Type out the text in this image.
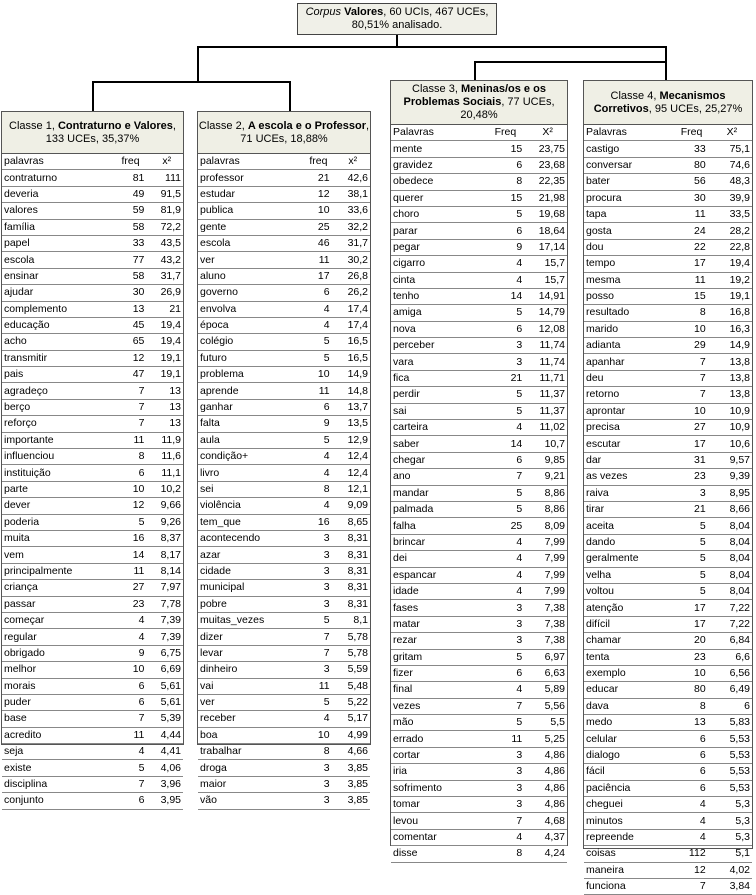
Corpus Valores, 60 UCIs, 467 UCEs,
80,51% analisado.
Classe 1, Contraturno e Valores, 133 UCEs, 35,37%
palavras	freq	x²
contraturno	81	111
deveria	49	91,5
valores	59	81,9
família	58	72,2
papel	33	43,5
escola	77	43,2
ensinar	58	31,7
ajudar	30	26,9
complemento	13	21
educação	45	19,4
acho	65	19,4
transmitir	12	19,1
pais	47	19,1
agradeço	7	13
berço	7	13
reforço	7	13
importante	11	11,9
influenciou	8	11,6
instituição	6	11,1
parte	10	10,2
dever	12	9,66
poderia	5	9,26
muita	16	8,37
vem	14	8,17
principalmente	11	8,14
criança	27	7,97
passar	23	7,78
começar	4	7,39
regular	4	7,39
obrigado	9	6,75
melhor	10	6,69
morais	6	5,61
puder	6	5,61
base	7	5,39
acredito	11	4,44
seja	4	4,41
existe	5	4,06
disciplina	7	3,96
conjunto	6	3,95
Classe 2, A escola e o Professor, 71 UCEs, 18,88%
palavras	freq	x²
professor	21	42,6
estudar	12	38,1
publica	10	33,6
gente	25	32,2
escola	46	31,7
ver	11	30,2
aluno	17	26,8
governo	6	26,2
envolva	4	17,4
época	4	17,4
colégio	5	16,5
futuro	5	16,5
problema	10	14,9
aprende	11	14,8
ganhar	6	13,7
falta	9	13,5
aula	5	12,9
condição+	4	12,4
livro	4	12,4
sei	8	12,1
violência	4	9,09
tem_que	16	8,65
acontecendo	3	8,31
azar	3	8,31
cidade	3	8,31
municipal	3	8,31
pobre	3	8,31
muitas_vezes	5	8,1
dizer	7	5,78
levar	7	5,78
dinheiro	3	5,59
vai	11	5,48
ver	5	5,22
receber	4	5,17
boa	10	4,99
trabalhar	8	4,66
droga	3	3,85
maior	3	3,85
vão	3	3,85
Classe 3, Meninas/os e os Problemas Sociais, 77 UCEs, 20,48%
Palavras	Freq	X²
mente	15	23,75
gravidez	6	23,68
obedece	8	22,35
querer	15	21,98
choro	5	19,68
parar	6	18,64
pegar	9	17,14
cigarro	4	15,7
cinta	4	15,7
tenho	14	14,91
amiga	5	14,79
nova	6	12,08
perceber	3	11,74
vara	3	11,74
fica	21	11,71
perdir	5	11,37
sai	5	11,37
carteira	4	11,02
saber	14	10,7
chegar	6	9,85
ano	7	9,21
mandar	5	8,86
palmada	5	8,86
falha	25	8,09
brincar	4	7,99
dei	4	7,99
espancar	4	7,99
idade	4	7,99
fases	3	7,38
matar	3	7,38
rezar	3	7,38
gritam	5	6,97
fizer	6	6,63
final	4	5,89
vezes	7	5,56
mão	5	5,5
errado	11	5,25
cortar	3	4,86
iria	3	4,86
sofrimento	3	4,86
tomar	3	4,86
levou	7	4,68
comentar	4	4,37
disse	8	4,24
Classe 4, Mecanismos Corretivos, 95 UCEs, 25,27%
Palavras	Freq	X²
castigo	33	75,1
conversar	80	74,6
bater	56	48,3
procura	30	39,9
tapa	11	33,5
gosta	24	28,2
dou	22	22,8
tempo	17	19,4
mesma	11	19,2
posso	15	19,1
resultado	8	16,8
marido	10	16,3
adianta	29	14,9
apanhar	7	13,8
deu	7	13,8
retorno	7	13,8
aprontar	10	10,9
precisa	27	10,9
escutar	17	10,6
dar	31	9,57
as vezes	23	9,39
raiva	3	8,95
tirar	21	8,66
aceita	5	8,04
dando	5	8,04
geralmente	5	8,04
velha	5	8,04
voltou	5	8,04
atenção	17	7,22
difícil	17	7,22
chamar	20	6,84
tenta	23	6,6
exemplo	10	6,56
educar	80	6,49
dava	8	6
medo	13	5,83
celular	6	5,53
dialogo	6	5,53
fácil	6	5,53
paciência	6	5,53
cheguei	4	5,3
minutos	4	5,3
repreende	4	5,3
coisas	112	5,1
maneira	12	4,02
funciona	7	3,84
